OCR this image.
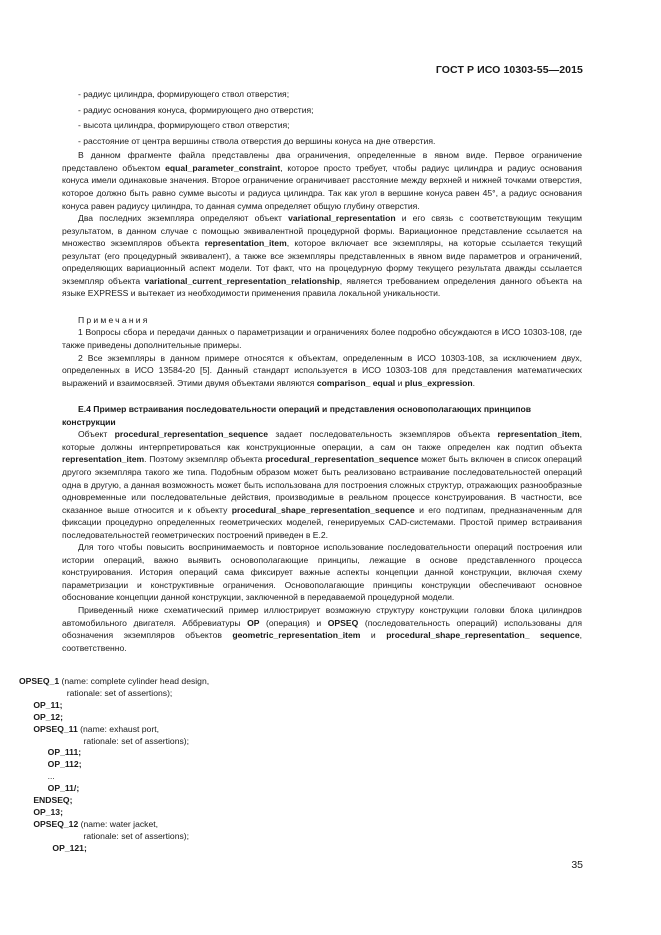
ГОСТ Р ИСО 10303-55—2015

- радиус цилиндра, формирующего ствол отверстия;

- радиус основания конуса, формирующего дно отверстия;

- высота цилиндра, формирующего ствол отверстия;

- расстояние от центра вершины ствола отверстия до вершины конуса на дне отверстия.

В данном фрагменте файла представлены два ограничения, определенные в явном виде. Первое ограничение представлено объектом equal_parameter_constraint, которое просто требует, чтобы радиус цилиндра и радиус основания конуса имели одинаковые значения. Второе ограничение ограничивает расстояние между верхней и нижней точками отверстия, которое должно быть равно сумме высоты и радиуса цилиндра. Так как угол в вершине конуса равен 45°, а радиус основания конуса равен радиусу цилиндра, то данная сумма определяет общую глубину отверстия.

Два последних экземпляра определяют объект variational_representation и его связь с соответствующим текущим результатом, в данном случае с помощью эквивалентной процедурной формы. Вариационное представление ссылается на множество экземпляров объекта representation_item, которое включает все экземпляры, на которые ссылается текущий результат (его процедурный эквивалент), а также все экземпляры представленных в явном виде параметров и ограничений, определяющих вариационный аспект модели. Тот факт, что на процедурную форму текущего результата дважды ссылается экземпляр объекта variational_current_representation_relationship, является требованием определения данного объекта на языке EXPRESS и вытекает из необходимости применения правила локальной уникальности.

Примечания

1 Вопросы сбора и передачи данных о параметризации и ограничениях более подробно обсуждаются в ИСО 10303-108, где также приведены дополнительные примеры.

2 Все экземпляры в данном примере относятся к объектам, определенным в ИСО 10303-108, за исключением двух, определенных в ИСО 13584-20 [5]. Данный стандарт используется в ИСО 10303-108 для представления математических выражений и взаимосвязей. Этими двумя объектами являются comparison_ equal и plus_expression.

Е.4 Пример встраивания последовательности операций и представления основополагающих принципов конструкции

Объект procedural_representation_sequence задает последовательность экземпляров объекта representation_item, которые должны интерпретироваться как конструкционные операции, а сам он также определен как подтип объекта representation_item. Поэтому экземпляр объекта procedural_representation_sequence может быть включен в список операций другого экземпляра такого же типа. Подобным образом может быть реализовано встраивание последовательностей операций одна в другую, а данная возможность может быть использована для построения сложных структур, отражающих разнообразные одновременные или последовательные действия, производимые в реальном процессе конструирования. В частности, все сказанное выше относится и к объекту procedural_shape_representation_sequence и его подтипам, предназначенным для фиксации процедурно определенных геометрических моделей, генерируемых CAD-системами. Простой пример встраивания последовательностей геометрических построений приведен в Е.2.

Для того чтобы повысить воспринимаемость и повторное использование последовательности операций построения или истории операций, важно выявить основополагающие принципы, лежащие в основе представленного процесса конструирования. История операций сама фиксирует важные аспекты концепции данной конструкции, включая схему параметризации и конструктивные ограничения. Основополагающие принципы конструкции обеспечивают основное обоснование концепции данной конструкции, заключенной в передаваемой процедурной модели.

Приведенный ниже схематический пример иллюстрирует возможную структуру конструкции головки блока цилиндров автомобильного двигателя. Аббревиатуры OP (операция) и OPSEQ (последовательность операций) использованы для обозначения экземпляров объектов geometric_representation_item и procedural_shape_representation_ sequence, соответственно.

OPSEQ_1 (name: complete cylinder head design,
rationale: set of assertions);
OP_11;
OP_12;
OPSEQ_11 (name: exhaust port,
rationale: set of assertions);
OP_111;
OP_112;
...
OP_11/;
ENDSEQ;
OP_13;
OPSEQ_12 (name: water jacket,
rationale: set of assertions);
OP_121;
35
